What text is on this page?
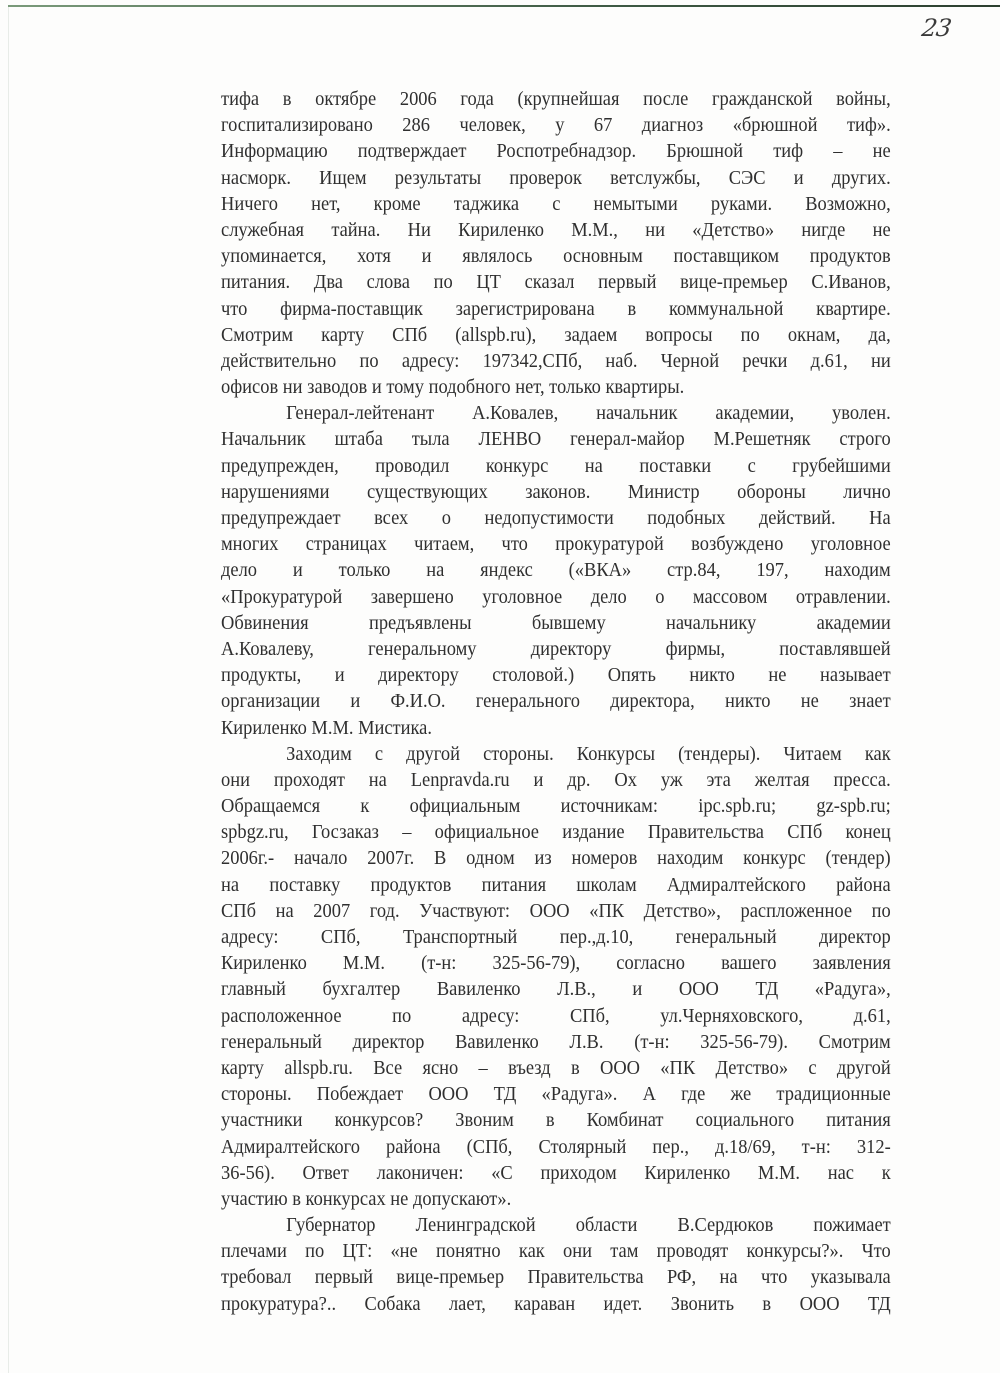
23
тифа в октябре 2006 года (крупнейшая после гражданской войны,
госпитализировано 286 человек, у 67 диагноз «брюшной тиф».
Информацию подтверждает Роспотребнадзор. Брюшной тиф – не
насморк. Ищем результаты проверок ветслужбы, СЭС и других.
Ничего нет, кроме таджика с немытыми руками. Возможно,
служебная тайна. Ни Кириленко М.М., ни «Детство» нигде не
упоминается, хотя и являлось основным поставщиком продуктов
питания. Два слова по ЦТ сказал первый вице-премьер С.Иванов,
что фирма-поставщик зарегистрирована в коммунальной квартире.
Смотрим карту СПб (allspb.ru), задаем вопросы по окнам, да,
действительно по адресу: 197342,СПб, наб. Черной речки д.61, ни
офисов ни заводов и тому подобного нет, только квартиры.
Генерал-лейтенант А.Ковалев, начальник академии, уволен.
Начальник штаба тыла ЛЕНВО генерал-майор М.Решетняк строго
предупрежден, проводил конкурс на поставки с грубейшими
нарушениями существующих законов. Министр обороны лично
предупреждает всех о недопустимости подобных действий. На
многих страницах читаем, что прокуратурой возбуждено уголовное
дело и только на яндекс («ВКА» стр.84, 197, находим
«Прокуратурой завершено уголовное дело о массовом отравлении.
Обвинения предъявлены бывшему начальнику академии
А.Ковалеву, генеральному директору фирмы, поставлявшей
продукты, и директору столовой.) Опять никто не называет
организации и Ф.И.О. генерального директора, никто не знает
Кириленко М.М. Мистика.
Заходим с другой стороны. Конкурсы (тендеры). Читаем как
они проходят на Lenpravda.ru и др. Ох уж эта желтая пресса.
Обращаемся к официальным источникам: ipc.spb.ru; gz-spb.ru;
spbgz.ru, Госзаказ – официальное издание Правительства СПб конец
2006г.- начало 2007г. В одном из номеров находим конкурс (тендер)
на поставку продуктов питания школам Адмиралтейского района
СПб на 2007 год. Участвуют: ООО «ПК Детство», распложенное по
адресу: СПб, Транспортный пер.,д.10, генеральный директор
Кириленко М.М. (т-н: 325-56-79), согласно вашего заявления
главный бухгалтер Вавиленко Л.В., и ООО ТД «Радуга»,
расположенное по адресу: СПб, ул.Черняховского, д.61,
генеральный директор Вавиленко Л.В. (т-н: 325-56-79). Смотрим
карту allspb.ru. Все ясно – въезд в ООО «ПК Детство» с другой
стороны. Побеждает ООО ТД «Радуга». А где же традиционные
участники конкурсов? Звоним в Комбинат социального питания
Адмиралтейского района (СПб, Столярный пер., д.18/69, т-н: 312-
36-56). Ответ лаконичен: «С приходом Кириленко М.М. нас к
участию в конкурсах не допускают».
Губернатор Ленинградской области В.Сердюков пожимает
плечами по ЦТ: «не понятно как они там проводят конкурсы?». Что
требовал первый вице-премьер Правительства РФ, на что указывала
прокуратура?.. Собака лает, караван идет. Звонить в ООО ТД
